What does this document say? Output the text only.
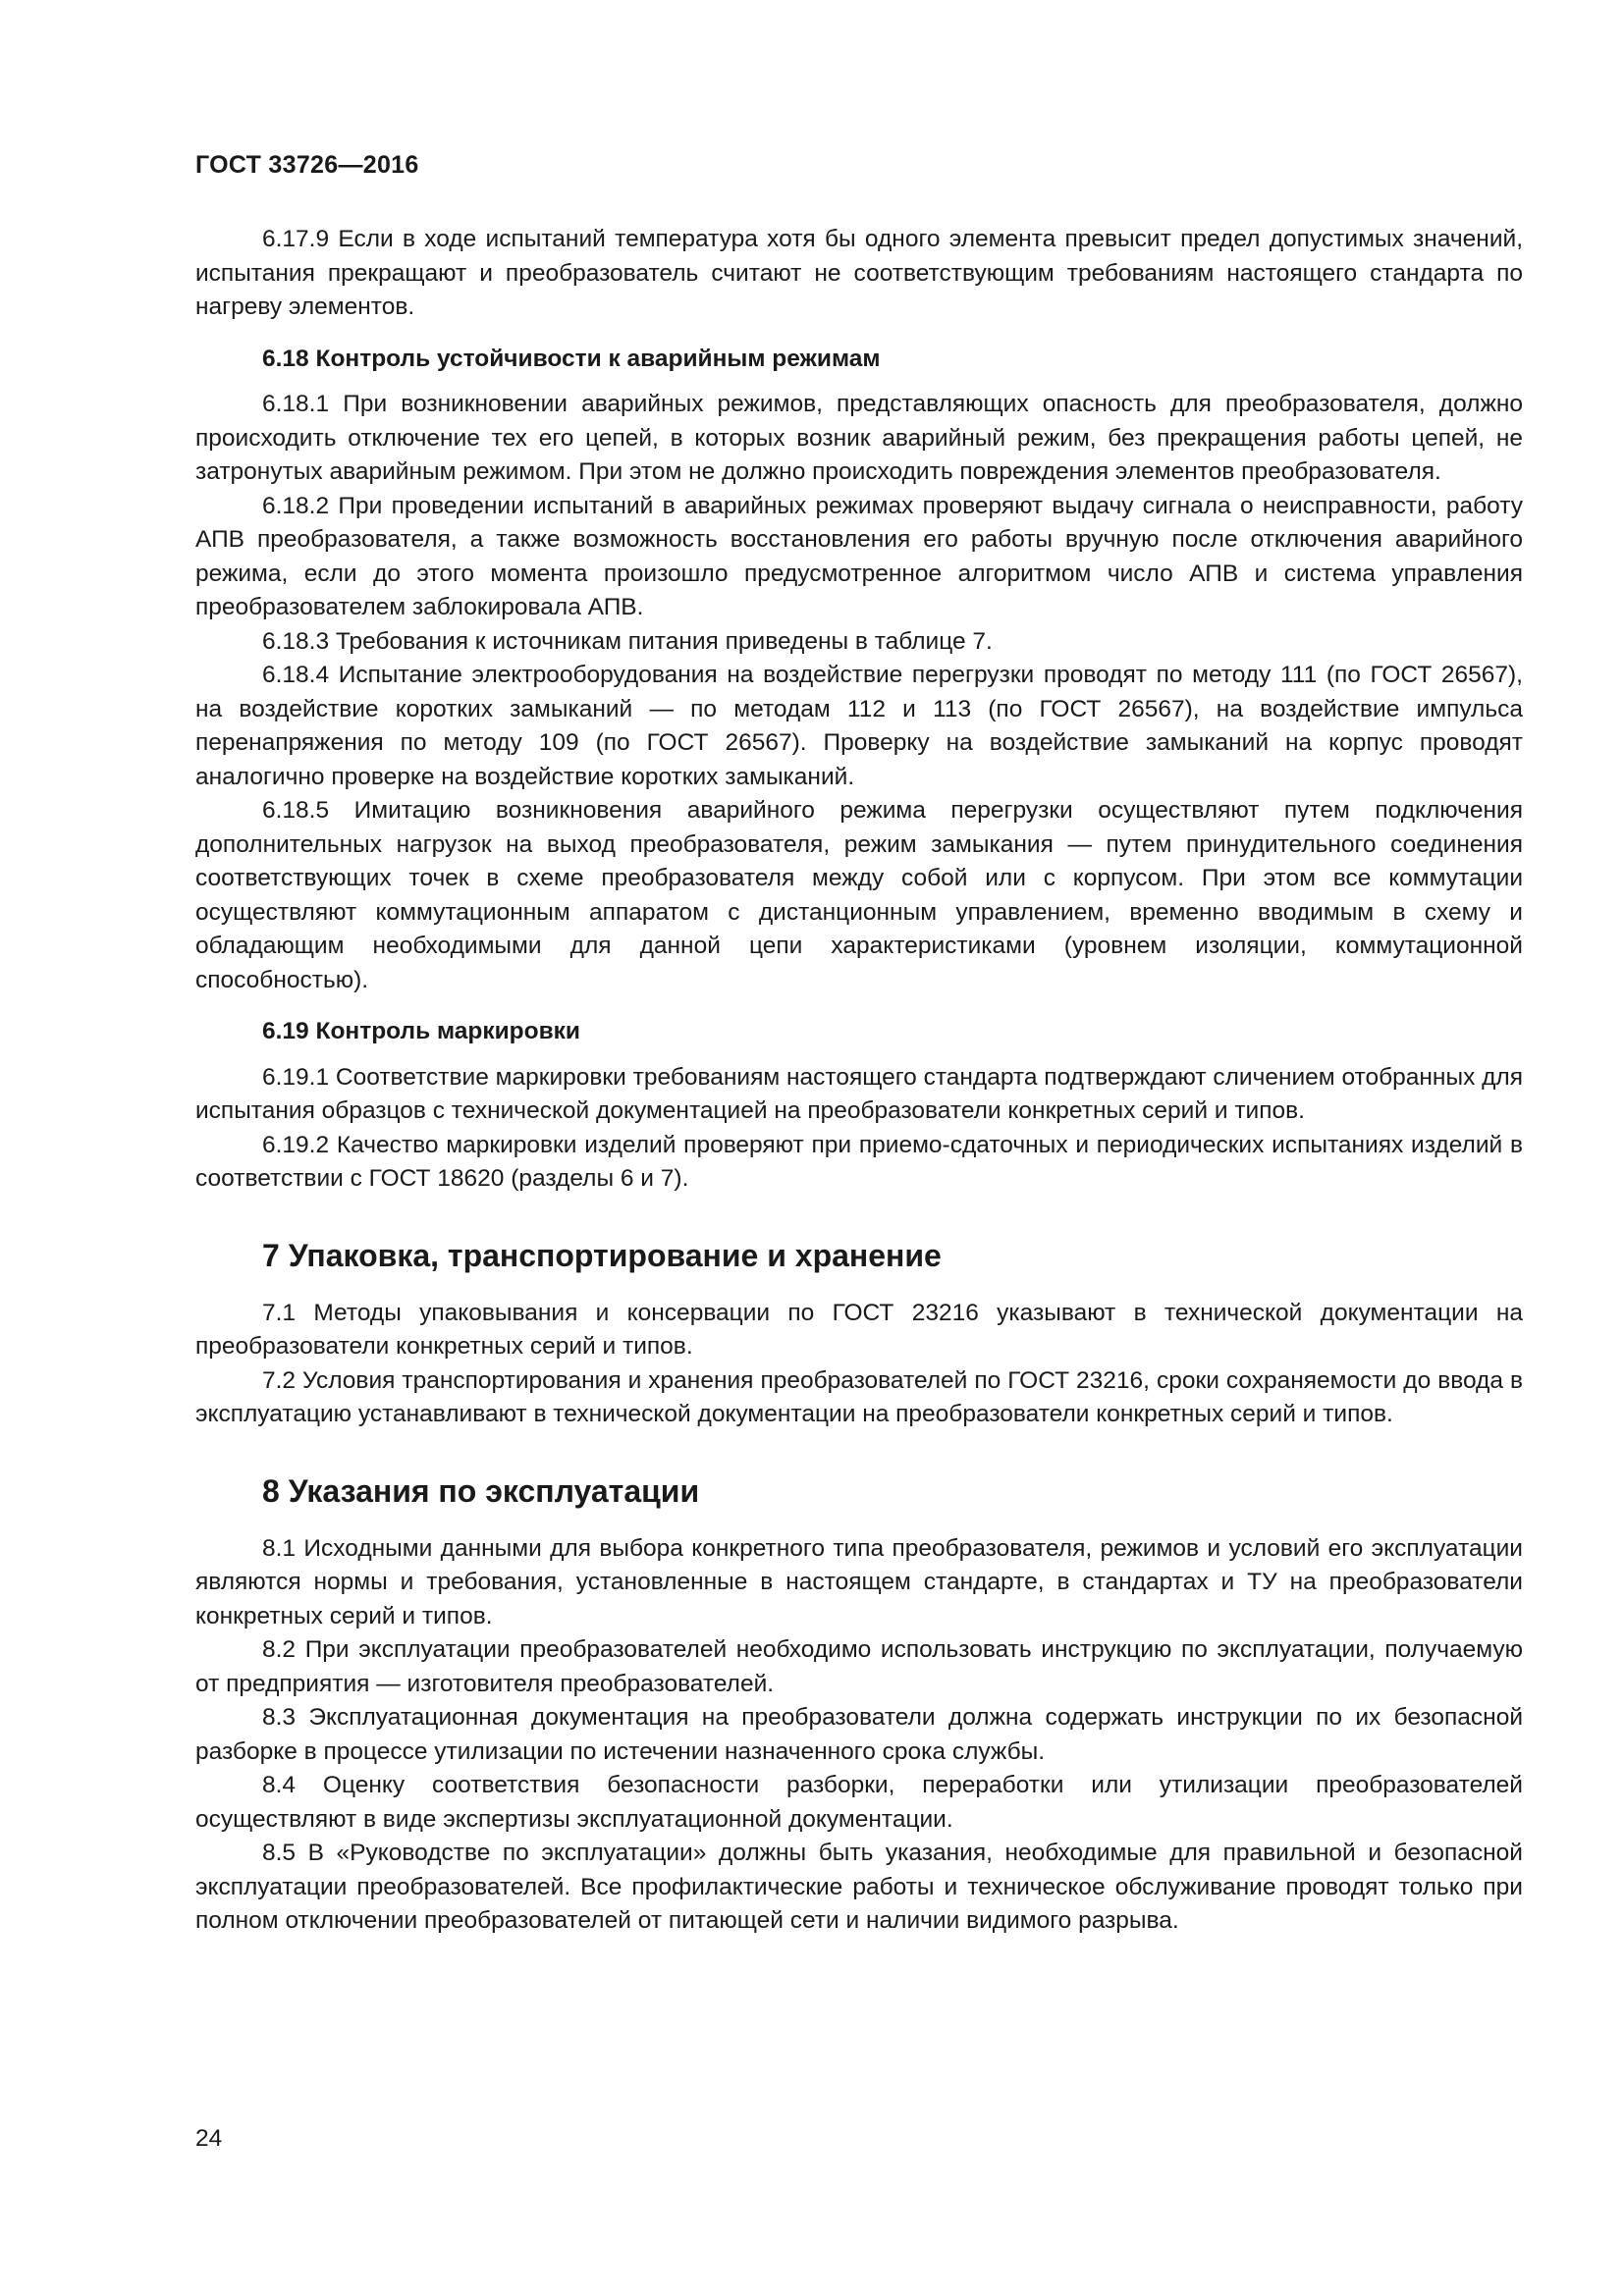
ГОСТ 33726—2016

6.17.9 Если в ходе испытаний температура хотя бы одного элемента превысит предел допустимых значений, испытания прекращают и преобразователь считают не соответствующим требованиям настоящего стандарта по нагреву элементов.

6.18 Контроль устойчивости к аварийным режимам

6.18.1 При возникновении аварийных режимов, представляющих опасность для преобразователя, должно происходить отключение тех его цепей, в которых возник аварийный режим, без прекращения работы цепей, не затронутых аварийным режимом. При этом не должно происходить повреждения элементов преобразователя.

6.18.2 При проведении испытаний в аварийных режимах проверяют выдачу сигнала о неисправности, работу АПВ преобразователя, а также возможность восстановления его работы вручную после отключения аварийного режима, если до этого момента произошло предусмотренное алгоритмом число АПВ и система управления преобразователем заблокировала АПВ.

6.18.3 Требования к источникам питания приведены в таблице 7.

6.18.4 Испытание электрооборудования на воздействие перегрузки проводят по методу 111 (по ГОСТ 26567), на воздействие коротких замыканий — по методам 112 и 113 (по ГОСТ 26567), на воздействие импульса перенапряжения по методу 109 (по ГОСТ 26567). Проверку на воздействие замыканий на корпус проводят аналогично проверке на воздействие коротких замыканий.

6.18.5 Имитацию возникновения аварийного режима перегрузки осуществляют путем подключения дополнительных нагрузок на выход преобразователя, режим замыкания — путем принудительного соединения соответствующих точек в схеме преобразователя между собой или с корпусом. При этом все коммутации осуществляют коммутационным аппаратом с дистанционным управлением, временно вводимым в схему и обладающим необходимыми для данной цепи характеристиками (уровнем изоляции, коммутационной способностью).

6.19 Контроль маркировки

6.19.1 Соответствие маркировки требованиям настоящего стандарта подтверждают сличением отобранных для испытания образцов с технической документацией на преобразователи конкретных серий и типов.

6.19.2 Качество маркировки изделий проверяют при приемо-сдаточных и периодических испытаниях изделий в соответствии с ГОСТ 18620 (разделы 6 и 7).

7 Упаковка, транспортирование и хранение

7.1 Методы упаковывания и консервации по ГОСТ 23216 указывают в технической документации на преобразователи конкретных серий и типов.

7.2 Условия транспортирования и хранения преобразователей по ГОСТ 23216, сроки сохраняемости до ввода в эксплуатацию устанавливают в технической документации на преобразователи конкретных серий и типов.

8 Указания по эксплуатации

8.1 Исходными данными для выбора конкретного типа преобразователя, режимов и условий его эксплуатации являются нормы и требования, установленные в настоящем стандарте, в стандартах и ТУ на преобразователи конкретных серий и типов.

8.2 При эксплуатации преобразователей необходимо использовать инструкцию по эксплуатации, получаемую от предприятия — изготовителя преобразователей.

8.3 Эксплуатационная документация на преобразователи должна содержать инструкции по их безопасной разборке в процессе утилизации по истечении назначенного срока службы.

8.4 Оценку соответствия безопасности разборки, переработки или утилизации преобразователей осуществляют в виде экспертизы эксплуатационной документации.

8.5 В «Руководстве по эксплуатации» должны быть указания, необходимые для правильной и безопасной эксплуатации преобразователей. Все профилактические работы и техническое обслуживание проводят только при полном отключении преобразователей от питающей сети и наличии видимого разрыва.

24
